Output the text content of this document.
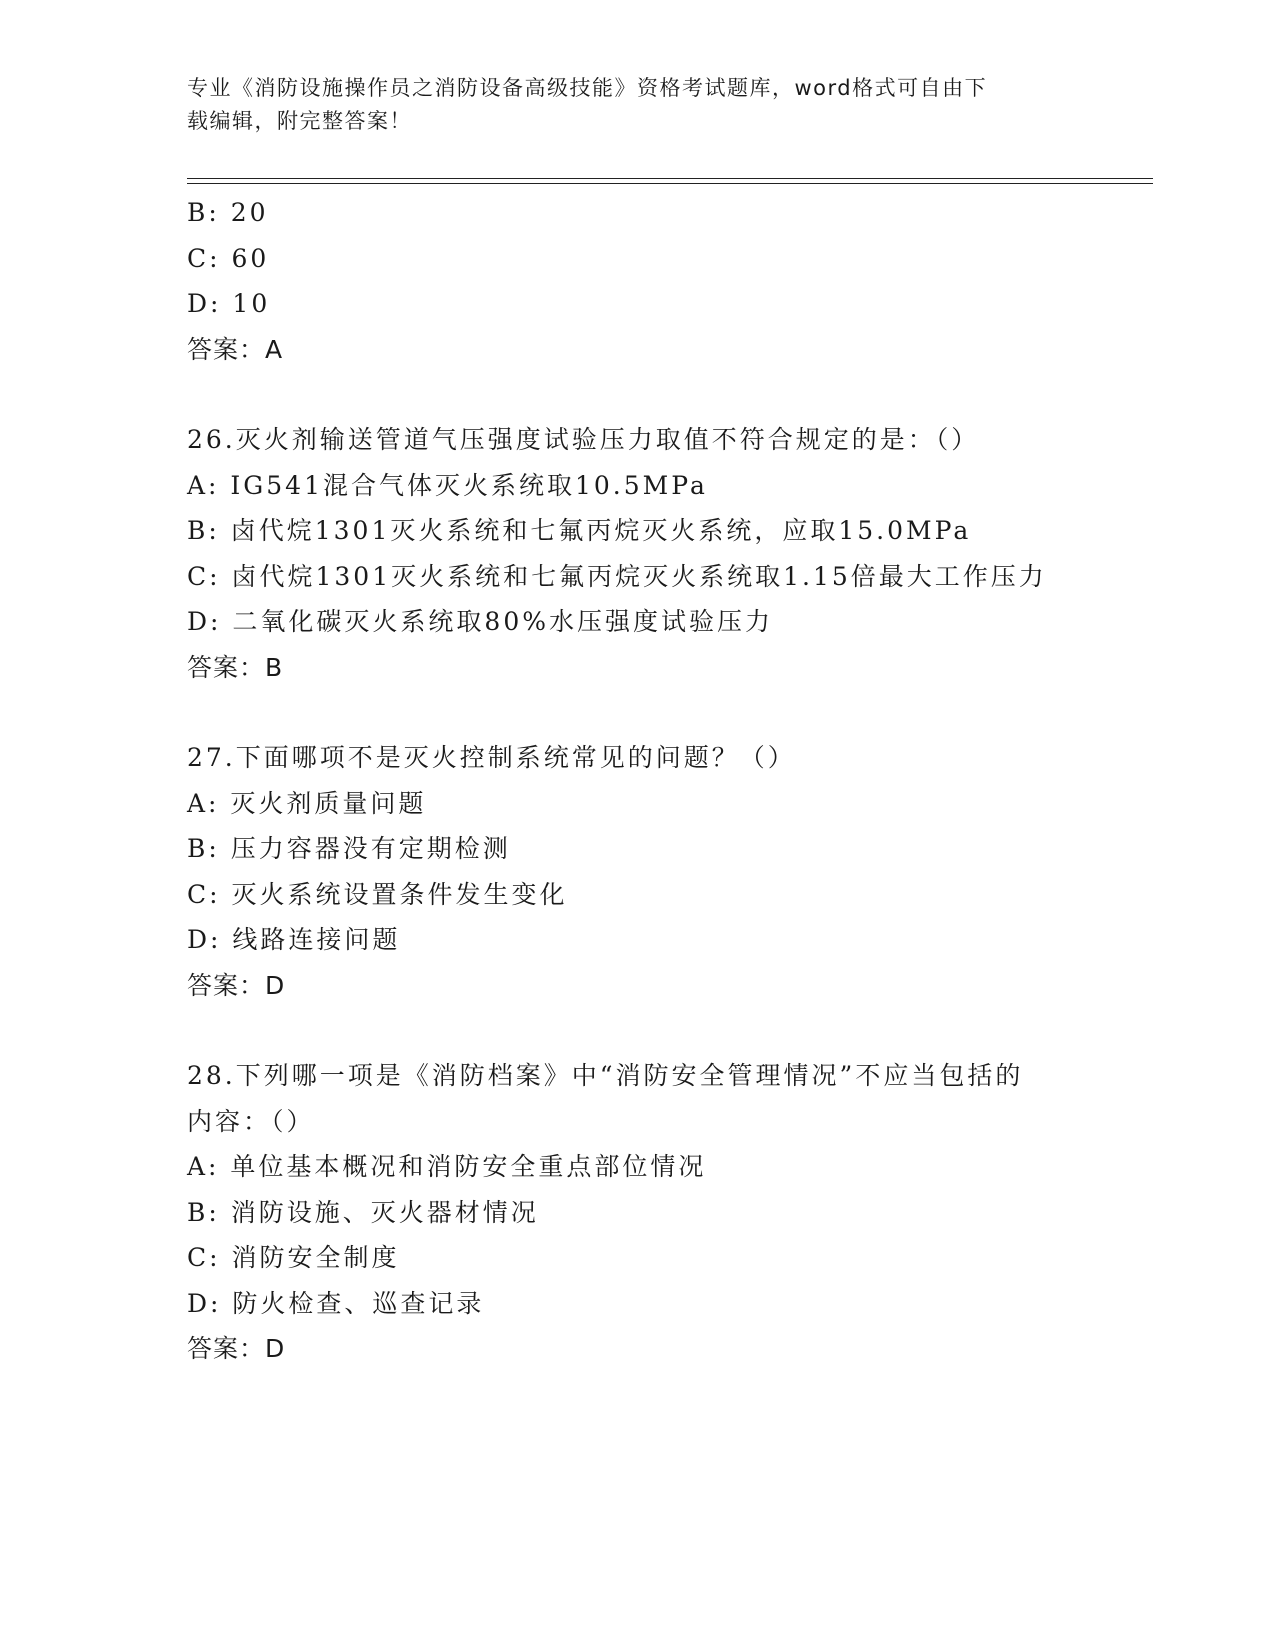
专业《消防设施操作员之消防设备高级技能》资格考试题库，word格式可自由下
载编辑，附完整答案！
B: 20
C: 60
D: 10
答案：A
26.灭火剂输送管道气压强度试验压力取值不符合规定的是：（）
A: IG541混合气体灭火系统取10.5MPa
B: 卤代烷1301灭火系统和七氟丙烷灭火系统，应取15.0MPa
C: 卤代烷1301灭火系统和七氟丙烷灭火系统取1.15倍最大工作压力
D: 二氧化碳灭火系统取80%水压强度试验压力
答案：B
27.下面哪项不是灭火控制系统常见的问题？（）
A: 灭火剂质量问题
B: 压力容器没有定期检测
C: 灭火系统设置条件发生变化
D: 线路连接问题
答案：D
28.下列哪一项是《消防档案》中“消防安全管理情况”不应当包括的
内容：（）
A: 单位基本概况和消防安全重点部位情况
B: 消防设施、灭火器材情况
C: 消防安全制度
D: 防火检查、巡查记录
答案：D
